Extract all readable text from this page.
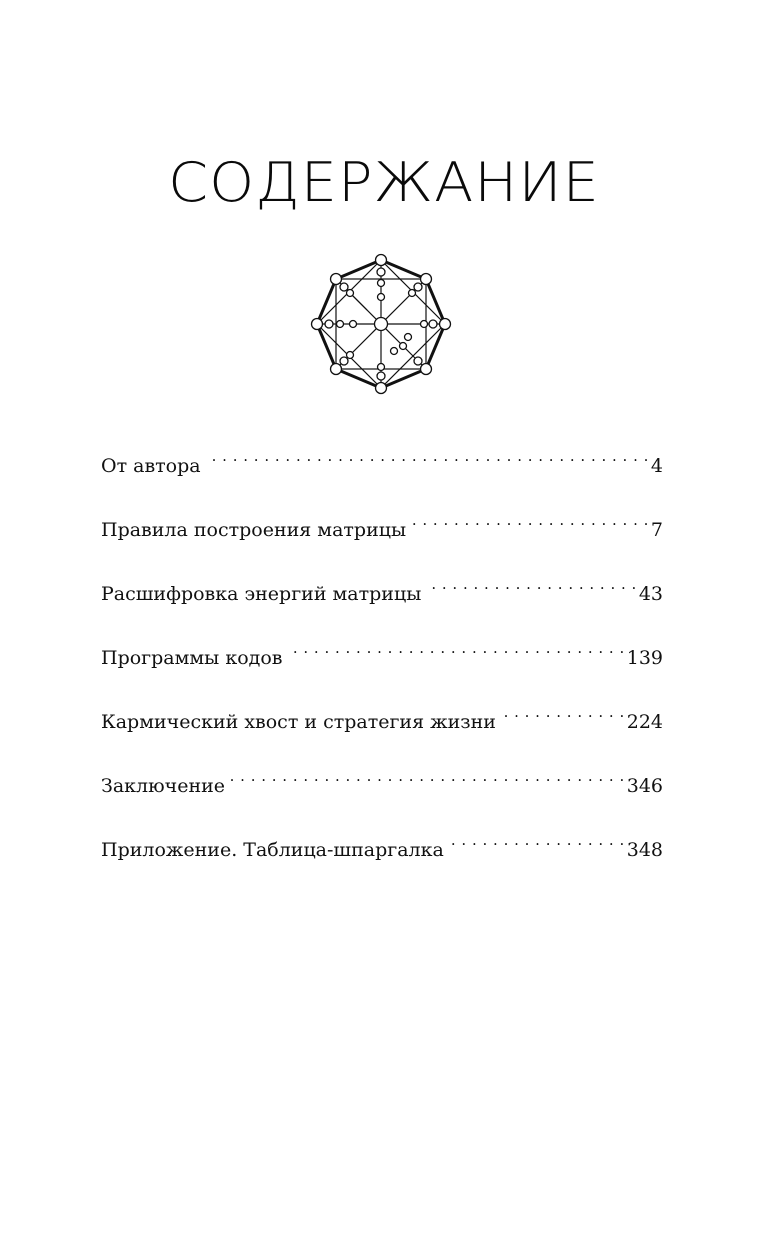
СОДЕРЖАНИЕ
От автора . . .	4
Правила построения матрицы . . .	7
Расшифровка энергий матрицы . . .	43
Программы кодов . . .	139
Кармический хвост и стратегия жизни . . .	224
Заключение . . .	346
Приложение. Таблица-шпаргалка . . .	348
